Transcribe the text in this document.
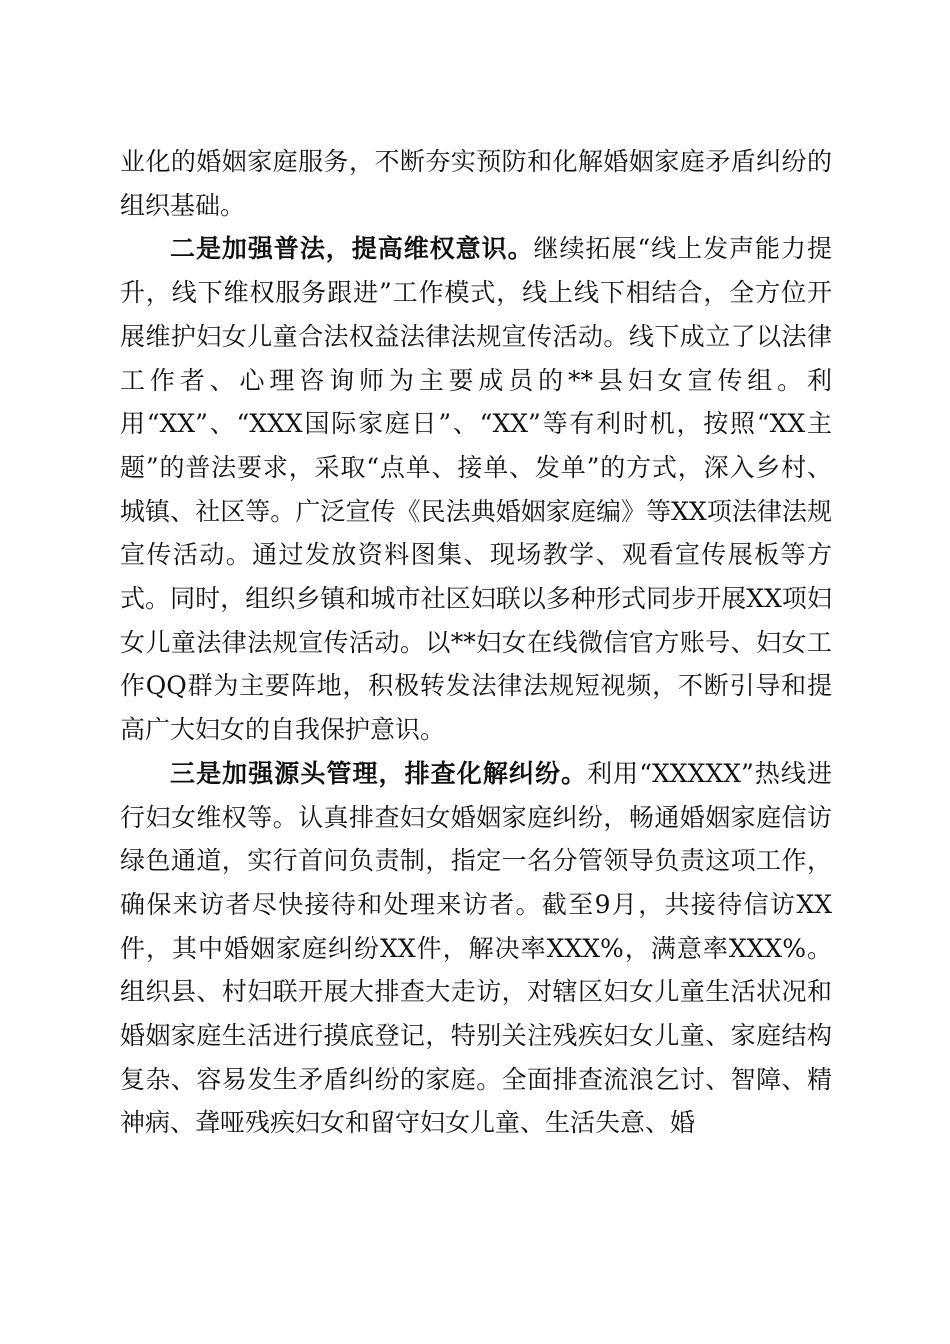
业化的婚姻家庭服务，不断夯实预防和化解婚姻家庭矛盾纠纷的组织基础。

二是加强普法，提高维权意识。继续拓展“线上发声能力提升，线下维权服务跟进”工作模式，线上线下相结合，全方位开展维护妇女儿童合法权益法律法规宣传活动。线下成立了以法律工作者、心理咨询师为主要成员的**县妇女宣传组。利用“XX”、“XXX国际家庭日”、“XX”等有利时机，按照“XX主题”的普法要求，采取“点单、接单、发单”的方式，深入乡村、城镇、社区等。广泛宣传《民法典婚姻家庭编》等XX项法律法规宣传活动。通过发放资料图集、现场教学、观看宣传展板等方式。同时，组织乡镇和城市社区妇联以多种形式同步开展XX项妇女儿童法律法规宣传活动。以**妇女在线微信官方账号、妇女工作QQ群为主要阵地，积极转发法律法规短视频，不断引导和提高广大妇女的自我保护意识。

三是加强源头管理，排查化解纠纷。利用“XXXXX”热线进行妇女维权等。认真排查妇女婚姻家庭纠纷，畅通婚姻家庭信访绿色通道，实行首问负责制，指定一名分管领导负责这项工作，确保来访者尽快接待和处理来访者。截至9月，共接待信访XX件，其中婚姻家庭纠纷XX件，解决率XXX%，满意率XXX%。组织县、村妇联开展大排查大走访，对辖区妇女儿童生活状况和婚姻家庭生活进行摸底登记，特别关注残疾妇女儿童、家庭结构复杂、容易发生矛盾纠纷的家庭。全面排查流浪乞讨、智障、精神病、聋哑残疾妇女和留守妇女儿童、生活失意、婚
